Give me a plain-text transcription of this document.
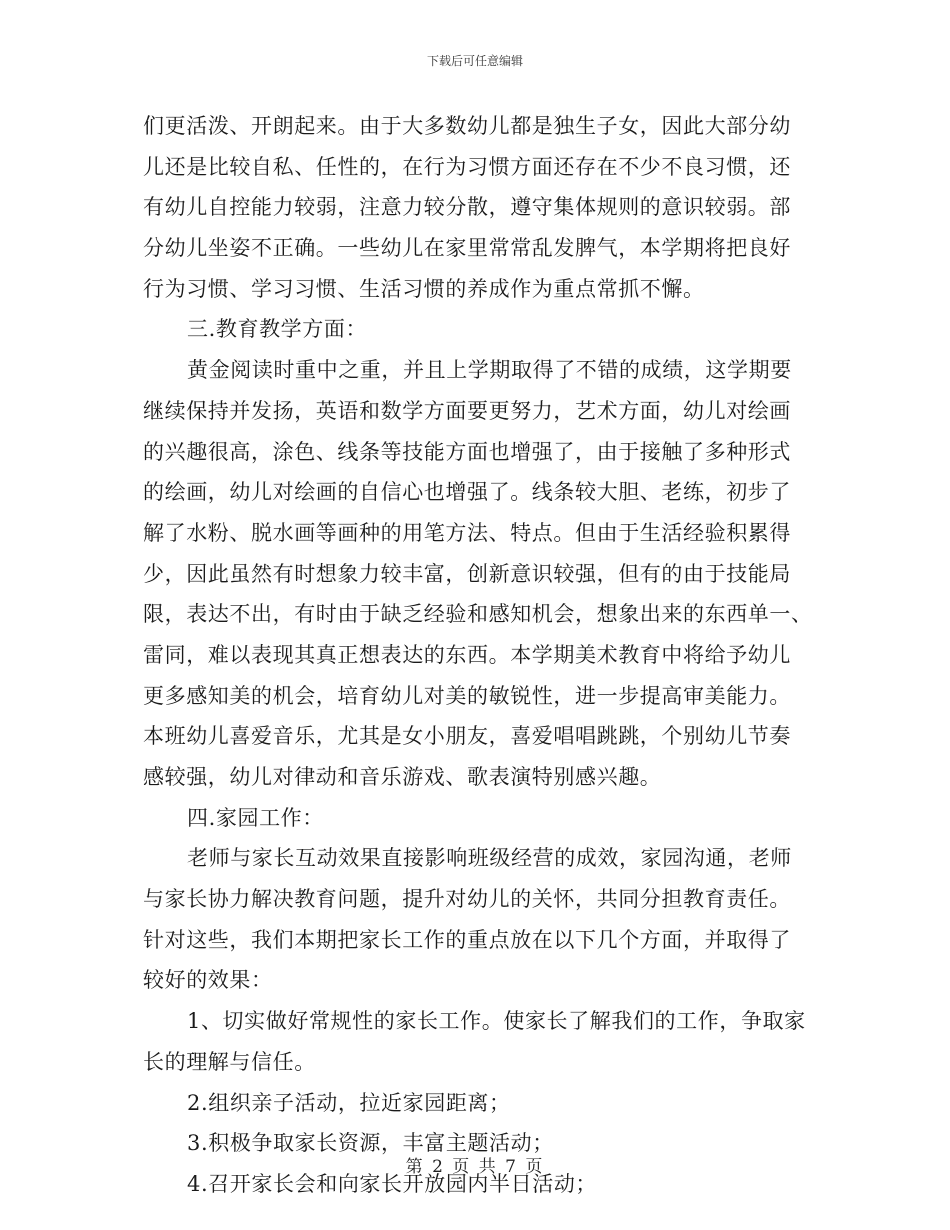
下载后可任意编辑
们更活泼、开朗起来。由于大多数幼儿都是独生子女，因此大部分幼
儿还是比较自私、任性的，在行为习惯方面还存在不少不良习惯，还
有幼儿自控能力较弱，注意力较分散，遵守集体规则的意识较弱。部
分幼儿坐姿不正确。一些幼儿在家里常常乱发脾气，本学期将把良好
行为习惯、学习习惯、生活习惯的养成作为重点常抓不懈。
三.教育教学方面：
黄金阅读时重中之重，并且上学期取得了不错的成绩，这学期要
继续保持并发扬，英语和数学方面要更努力，艺术方面，幼儿对绘画
的兴趣很高，涂色、线条等技能方面也增强了，由于接触了多种形式
的绘画，幼儿对绘画的自信心也增强了。线条较大胆、老练，初步了
解了水粉、脱水画等画种的用笔方法、特点。但由于生活经验积累得
少，因此虽然有时想象力较丰富，创新意识较强，但有的由于技能局
限，表达不出，有时由于缺乏经验和感知机会，想象出来的东西单一、
雷同，难以表现其真正想表达的东西。本学期美术教育中将给予幼儿
更多感知美的机会，培育幼儿对美的敏锐性，进一步提高审美能力。
本班幼儿喜爱音乐，尤其是女小朋友，喜爱唱唱跳跳，个别幼儿节奏
感较强，幼儿对律动和音乐游戏、歌表演特别感兴趣。
四.家园工作：
老师与家长互动效果直接影响班级经营的成效，家园沟通，老师
与家长协力解决教育问题，提升对幼儿的关怀，共同分担教育责任。
针对这些，我们本期把家长工作的重点放在以下几个方面，并取得了
较好的效果：
1、切实做好常规性的家长工作。使家长了解我们的工作，争取家
长的理解与信任。
2.组织亲子活动，拉近家园距离；
3.积极争取家长资源，丰富主题活动；
4.召开家长会和向家长开放园内半日活动；
第 2 页 共 7 页
